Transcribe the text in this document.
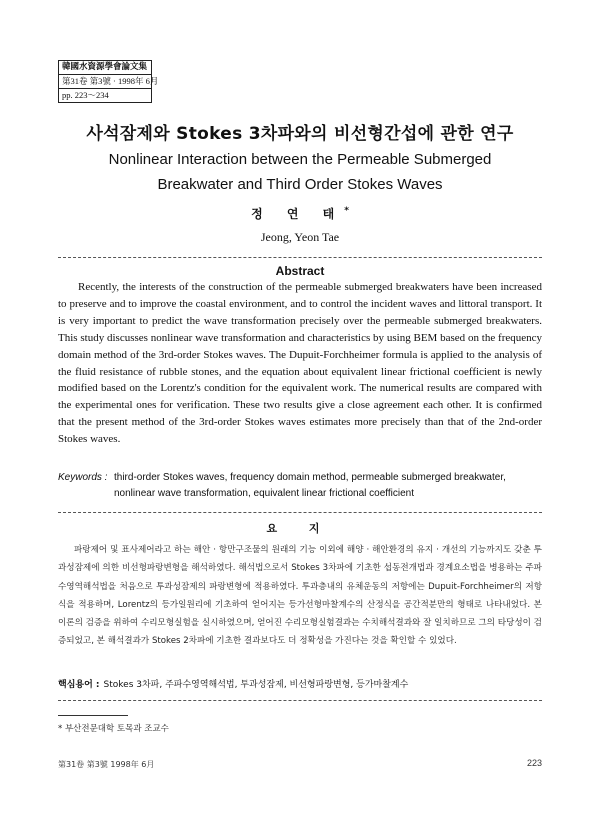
韓國水資源學會論文集
第31卷 第3號 · 1998年 6月
pp. 223～234
사석잠제와 Stokes 3차파와의 비선형간섭에 관한 연구
Nonlinear Interaction between the Permeable Submerged
Breakwater and Third Order Stokes Waves
정 연 태*
Jeong, Yeon Tae
Abstract
Recently, the interests of the construction of the permeable submerged breakwaters have been increased to preserve and to improve the coastal environment, and to control the incident waves and littoral transport. It is very important to predict the wave transformation precisely over the permeable submerged breakwaters. This study discusses nonlinear wave transformation and characteristics by using BEM based on the frequency domain method of the 3rd-order Stokes waves. The Dupuit-Forchheimer formula is applied to the analysis of the fluid resistance of rubble stones, and the equation about equivalent linear frictional coefficient is newly modified based on the Lorentz's condition for the equivalent work. The numerical results are compared with the experimental ones for verification. These two results give a close agreement each other. It is confirmed that the present method of the 3rd-order Stokes waves estimates more precisely than that of the 2nd-order Stokes waves.
Keywords : third-order Stokes waves, frequency domain method, permeable submerged breakwater, nonlinear wave transformation, equivalent linear frictional coefficient
요 지
파랑제어 및 표사제어라고 하는 해안 · 항만구조물의 원래의 기능 이외에 해양 · 해안환경의 유지 · 개선의 기능까지도 갖춘 투과성잠제에 의한 비선형파랑변형을 해석하였다. 해석법으로서 Stokes 3차파에 기초한 섭동전개법과 경계요소법을 병용하는 주파수영역해석법을 처음으로 투과성잠제의 파랑변형에 적용하였다. 투과층내의 유체운동의 저항에는 Dupuit-Forchheimer의 저항식을 적용하며, Lorentz의 등가일원리에 기초하여 얻어지는 등가선형마찰계수의 산정식을 공간적분만의 형태로 나타내었다. 본 이론의 검증을 위하여 수리모형실험을 실시하였으며, 얻어진 수리모형실험결과는 수치해석결과와 잘 일치하므로 그의 타당성이 검증되었고, 본 해석결과가 Stokes 2차파에 기초한 결과보다도 더 정확성을 가진다는 것을 확인할 수 있었다.
핵심용어 : Stokes 3차파, 주파수영역해석법, 투과성잠제, 비선형파랑변형, 등가마찰계수
* 부산전문대학 토목과 조교수
第31卷 第3號 1998年 6月	223
